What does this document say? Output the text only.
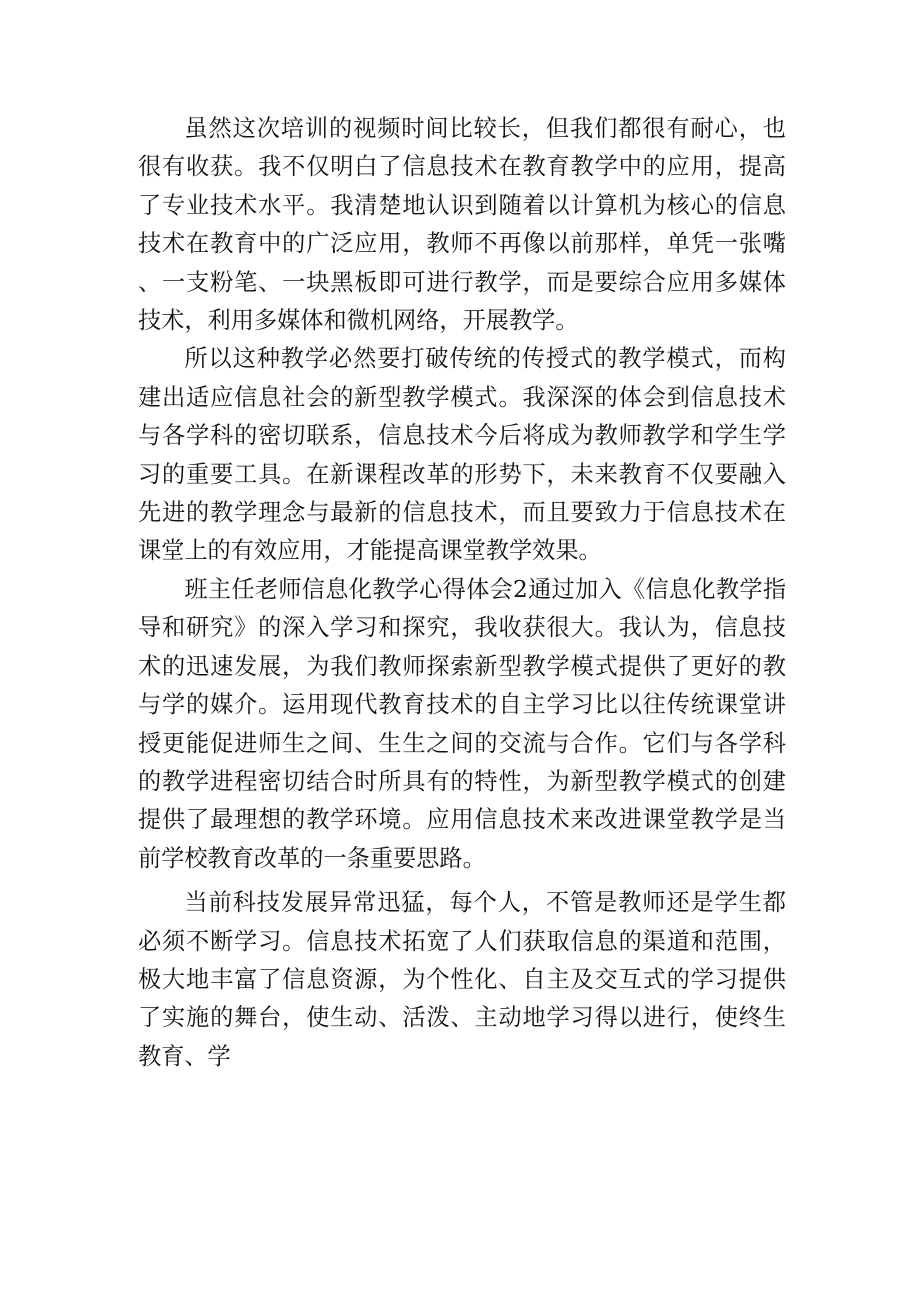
虽然这次培训的视频时间比较长，但我们都很有耐心，也很有收获。我不仅明白了信息技术在教育教学中的应用，提高了专业技术水平。我清楚地认识到随着以计算机为核心的信息技术在教育中的广泛应用，教师不再像以前那样，单凭一张嘴、一支粉笔、一块黑板即可进行教学，而是要综合应用多媒体技术，利用多媒体和微机网络，开展教学。

所以这种教学必然要打破传统的传授式的教学模式，而构建出适应信息社会的新型教学模式。我深深的体会到信息技术与各学科的密切联系，信息技术今后将成为教师教学和学生学习的重要工具。在新课程改革的形势下，未来教育不仅要融入先进的教学理念与最新的信息技术，而且要致力于信息技术在课堂上的有效应用，才能提高课堂教学效果。

班主任老师信息化教学心得体会2通过加入《信息化教学指导和研究》的深入学习和探究，我收获很大。我认为，信息技术的迅速发展，为我们教师探索新型教学模式提供了更好的教与学的媒介。运用现代教育技术的自主学习比以往传统课堂讲授更能促进师生之间、生生之间的交流与合作。它们与各学科的教学进程密切结合时所具有的特性，为新型教学模式的创建提供了最理想的教学环境。应用信息技术来改进课堂教学是当前学校教育改革的一条重要思路。

当前科技发展异常迅猛，每个人，不管是教师还是学生都必须不断学习。信息技术拓宽了人们获取信息的渠道和范围，极大地丰富了信息资源，为个性化、自主及交互式的学习提供了实施的舞台，使生动、活泼、主动地学习得以进行，使终生教育、学
